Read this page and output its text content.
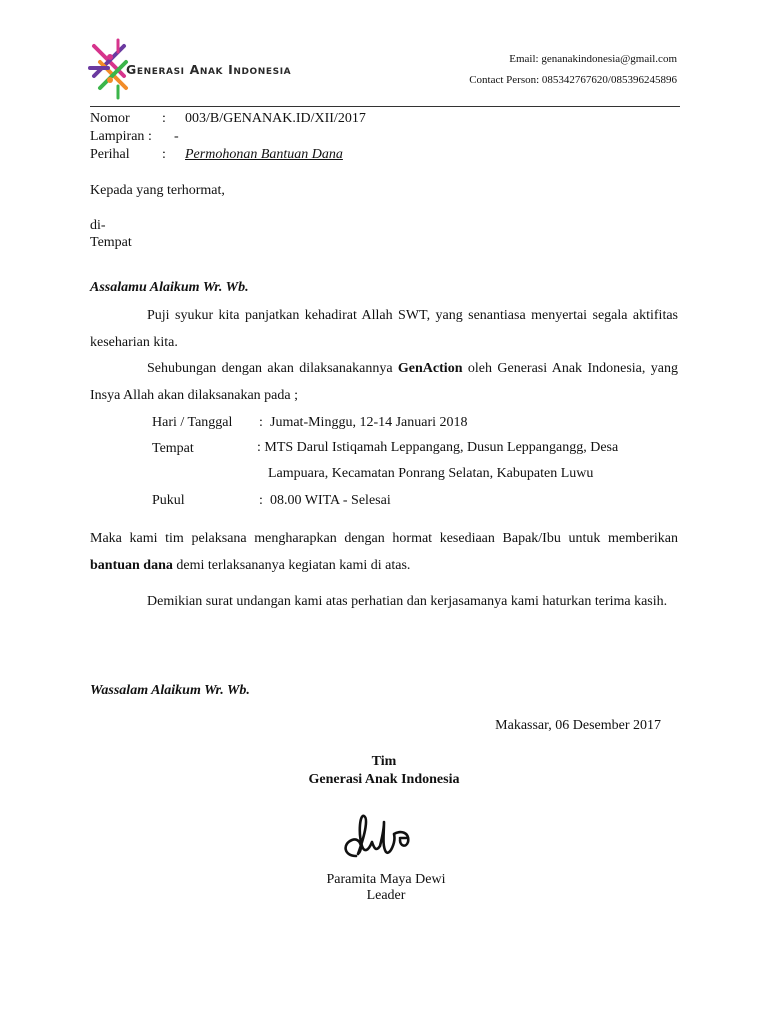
Generasi Anak Indonesia
Email: genanakindonesia@gmail.com
Contact Person: 085342767620/085396245896
Nomor : 003/B/GENANAK.ID/XII/2017
Lampiran : -
Perihal : Permohonan Bantuan Dana
Kepada yang terhormat,
di-
Tempat
Assalamu Alaikum Wr. Wb.
Puji syukur kita panjatkan kehadirat Allah SWT, yang senantiasa menyertai segala aktifitas keseharian kita.
Sehubungan dengan akan dilaksanakannya GenAction oleh Generasi Anak Indonesia, yang Insya Allah akan dilaksanakan pada ;
Hari / Tanggal : Jumat-Minggu, 12-14 Januari 2018
Tempat	: MTS Darul Istiqamah Leppangang, Dusun Leppangangg, Desa
Lampuara, Kecamatan Ponrang Selatan, Kabupaten Luwu
Pukul	: 08.00 WITA - Selesai
Maka kami tim pelaksana mengharapkan dengan hormat kesediaan Bapak/Ibu untuk memberikan bantuan dana demi terlaksananya kegiatan kami di atas.
Demikian surat undangan kami atas perhatian dan kerjasamanya kami haturkan terima kasih.
Wassalam Alaikum Wr. Wb.
Makassar, 06 Desember 2017
Tim
Generasi Anak Indonesia
Paramita Maya Dewi
Leader
